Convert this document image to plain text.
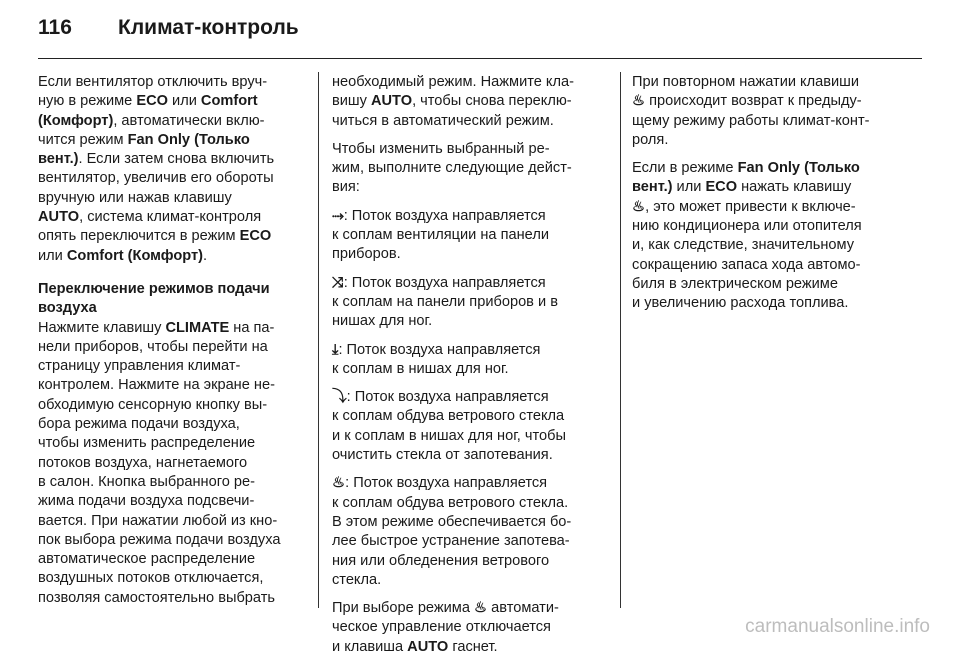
116 Климат-контроль
Если вентилятор отключить вруч-
ную в режиме ECO или Comfort
(Комфорт), автоматически вклю-
чится режим Fan Only (Только
вент.). Если затем снова включить
вентилятор, увеличив его обороты
вручную или нажав клавишу
AUTO, система климат-контроля
опять переключится в режим ECO
или Comfort (Комфорт).
Переключение режимов подачи
воздуха
Нажмите клавишу CLIMATE на па-
нели приборов, чтобы перейти на
страницу управления климат-
контролем. Нажмите на экране не-
обходимую сенсорную кнопку вы-
бора режима подачи воздуха,
чтобы изменить распределение
потоков воздуха, нагнетаемого
в салон. Кнопка выбранного ре-
жима подачи воздуха подсвечи-
вается. При нажатии любой из кно-
пок выбора режима подачи воздуха
автоматическое распределение
воздушных потоков отключается,
позволяя самостоятельно выбрать
необходимый режим. Нажмите кла-
вишу AUTO, чтобы снова переклю-
читься в автоматический режим.
Чтобы изменить выбранный ре-
жим, выполните следующие дейст-
вия:
⤑: Поток воздуха направляется
к соплам вентиляции на панели
приборов.
⤨: Поток воздуха направляется
к соплам на панели приборов и в
нишах для ног.
⤓: Поток воздуха направляется
к соплам в нишах для ног.
⤵: Поток воздуха направляется
к соплам обдува ветрового стекла
и к соплам в нишах для ног, чтобы
очистить стекла от запотевания.
♨: Поток воздуха направляется
к соплам обдува ветрового стекла.
В этом режиме обеспечивается бо-
лее быстрое устранение запотева-
ния или обледенения ветрового
стекла.
При выборе режима ♨ автомати-
ческое управление отключается
и клавиша AUTO гаснет.
При повторном нажатии клавиши
♨ происходит возврат к предыду-
щему режиму работы климат-конт-
роля.
Если в режиме Fan Only (Только
вент.) или ECO нажать клавишу
♨, это может привести к включе-
нию кондиционера или отопителя
и, как следствие, значительному
сокращению запаса хода автомо-
биля в электрическом режиме
и увеличению расхода топлива.
carmanualsonline.info
